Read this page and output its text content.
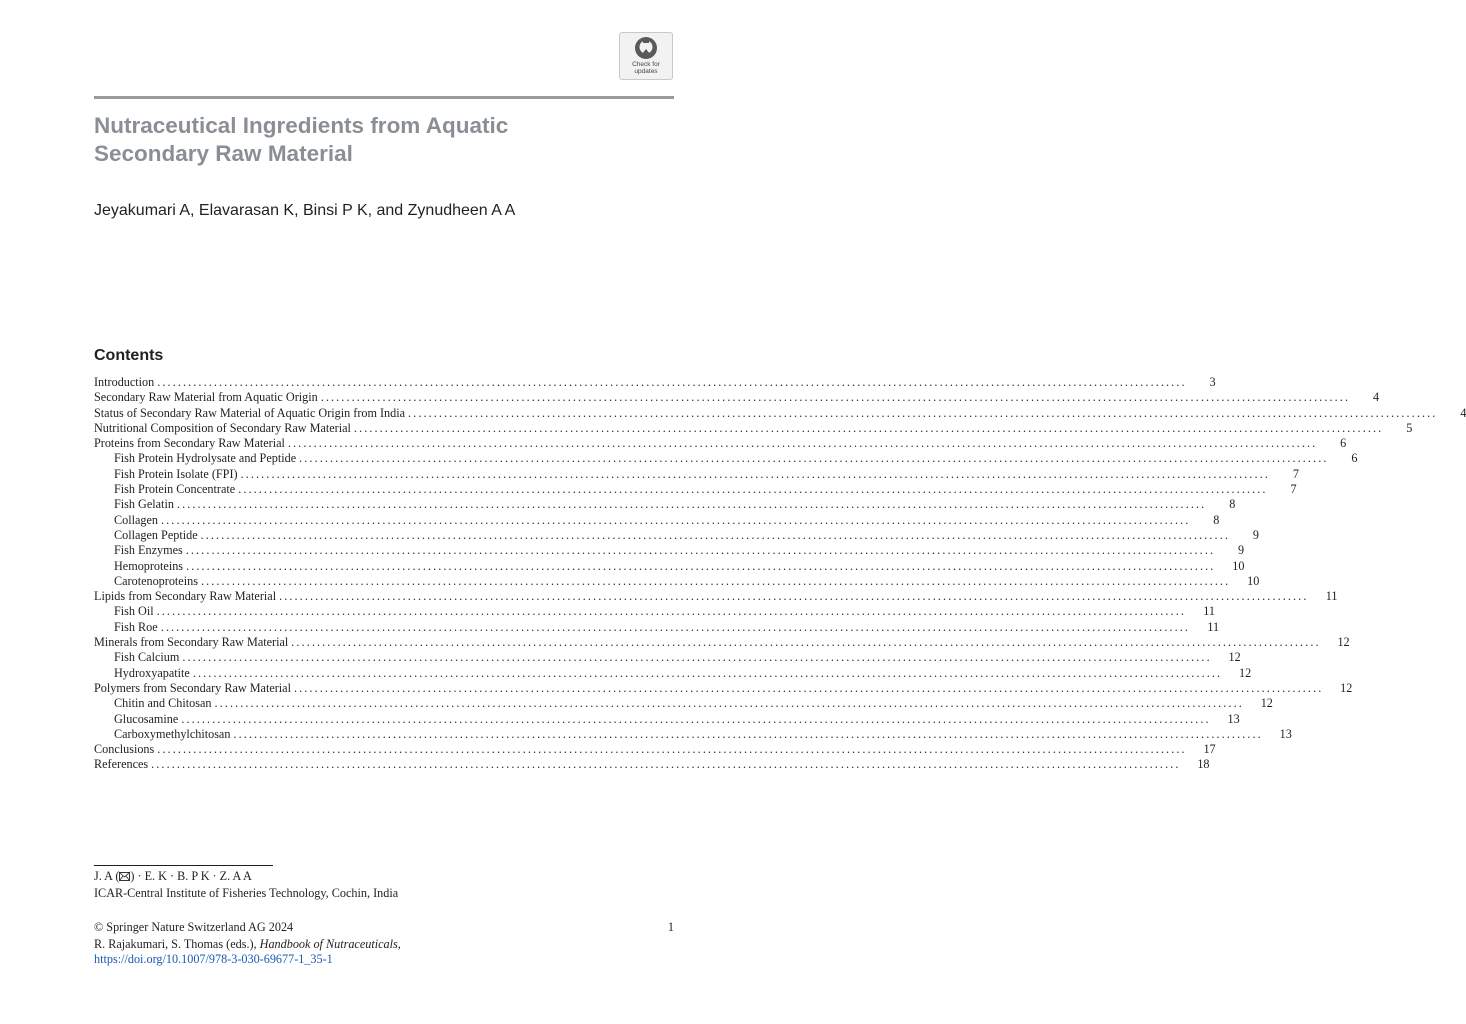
Check for
updates
Nutraceutical Ingredients from Aquatic
Secondary Raw Material
Jeyakumari A, Elavarasan K, Binsi P K, and Zynudheen A A
Contents
Introduction ........................................................................................................................................................................................................	3
Secondary Raw Material from Aquatic Origin ........................................................................................................................................................................................................	4
Status of Secondary Raw Material of Aquatic Origin from India ........................................................................................................................................................................................................	4
Nutritional Composition of Secondary Raw Material ........................................................................................................................................................................................................	5
Proteins from Secondary Raw Material ........................................................................................................................................................................................................	6
Fish Protein Hydrolysate and Peptide ........................................................................................................................................................................................................	6
Fish Protein Isolate (FPI) ........................................................................................................................................................................................................	7
Fish Protein Concentrate ........................................................................................................................................................................................................	7
Fish Gelatin ........................................................................................................................................................................................................	8
Collagen ........................................................................................................................................................................................................	8
Collagen Peptide ........................................................................................................................................................................................................	9
Fish Enzymes ........................................................................................................................................................................................................	9
Hemoproteins ........................................................................................................................................................................................................	10
Carotenoproteins ........................................................................................................................................................................................................	10
Lipids from Secondary Raw Material ........................................................................................................................................................................................................	11
Fish Oil ........................................................................................................................................................................................................	11
Fish Roe ........................................................................................................................................................................................................	11
Minerals from Secondary Raw Material ........................................................................................................................................................................................................	12
Fish Calcium ........................................................................................................................................................................................................	12
Hydroxyapatite ........................................................................................................................................................................................................	12
Polymers from Secondary Raw Material ........................................................................................................................................................................................................	12
Chitin and Chitosan ........................................................................................................................................................................................................	12
Glucosamine ........................................................................................................................................................................................................	13
Carboxymethylchitosan ........................................................................................................................................................................................................	13
Conclusions ........................................................................................................................................................................................................	17
References ........................................................................................................................................................................................................	18
J. A ( ) · E. K · B. P K · Z. A A
ICAR-Central Institute of Fisheries Technology, Cochin, India
© Springer Nature Switzerland AG 2024	1
R. Rajakumari, S. Thomas (eds.), Handbook of Nutraceuticals,
https://doi.org/10.1007/978-3-030-69677-1_35-1
